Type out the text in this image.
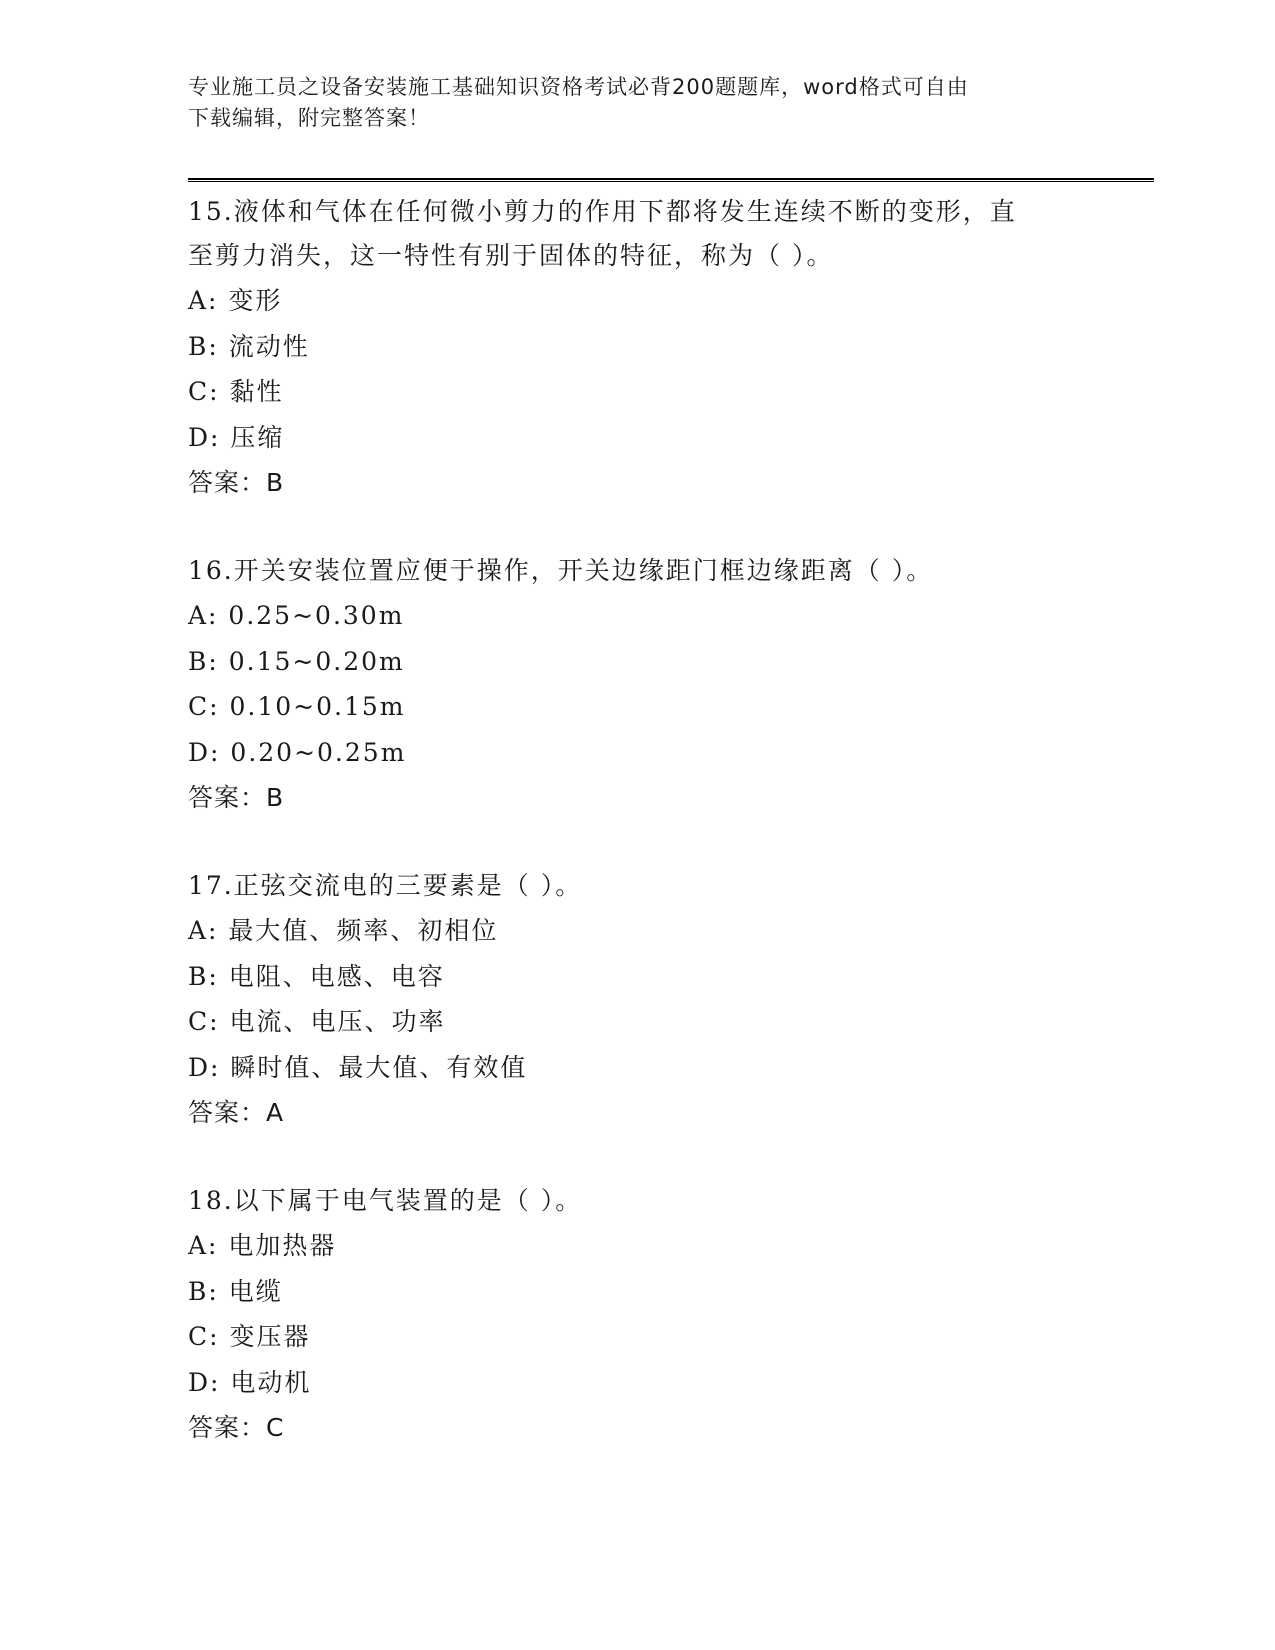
专业施工员之设备安装施工基础知识资格考试必背200题题库，word格式可自由
下载编辑，附完整答案！
15.液体和气体在任何微小剪力的作用下都将发生连续不断的变形，直
至剪力消失，这一特性有别于固体的特征，称为（ ）。
A: 变形
B: 流动性
C: 黏性
D: 压缩
答案：B
16.开关安装位置应便于操作，开关边缘距门框边缘距离（ ）。
A: 0.25~0.30m
B: 0.15~0.20m
C: 0.10~0.15m
D: 0.20~0.25m
答案：B
17.正弦交流电的三要素是（ ）。
A: 最大值、频率、初相位
B: 电阻、电感、电容
C: 电流、电压、功率
D: 瞬时值、最大值、有效值
答案：A
18.以下属于电气装置的是（ ）。
A: 电加热器
B: 电缆
C: 变压器
D: 电动机
答案：C
